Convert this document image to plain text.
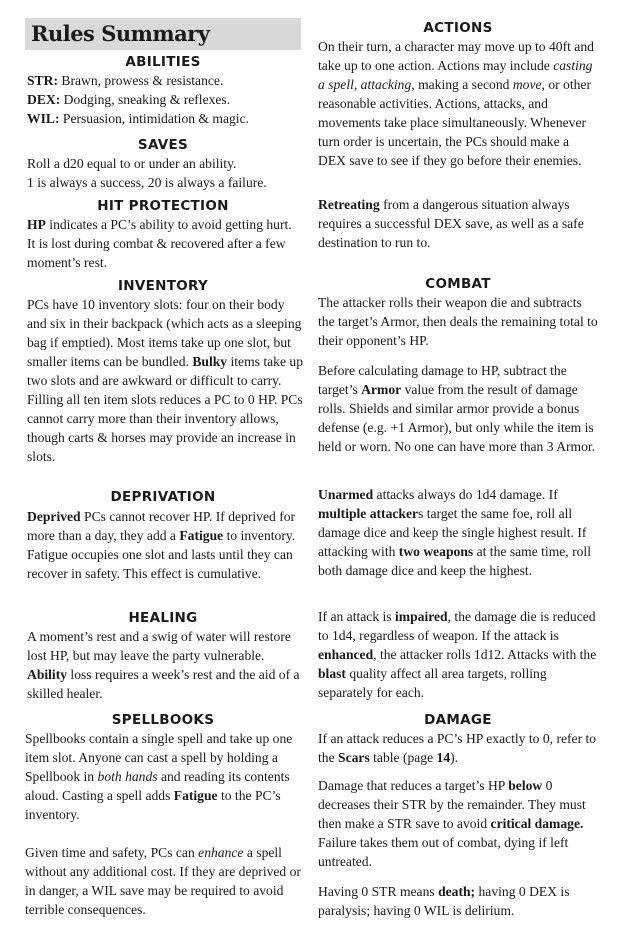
Rules Summary
ABILITIES
STR: Brawn, prowess & resistance.
DEX: Dodging, sneaking & reflexes.
WIL: Persuasion, intimidation & magic.
SAVES
Roll a d20 equal to or under an ability.
1 is always a success, 20 is always a failure.
HIT PROTECTION
HP indicates a PC’s ability to avoid getting hurt. It is lost during combat & recovered after a few moment’s rest.
INVENTORY
PCs have 10 inventory slots: four on their body and six in their backpack (which acts as a sleeping bag if emptied). Most items take up one slot, but smaller items can be bundled. Bulky items take up two slots and are awkward or difficult to carry. Filling all ten item slots reduces a PC to 0 HP. PCs cannot carry more than their inventory allows, though carts & horses may provide an increase in slots.
DEPRIVATION
Deprived PCs cannot recover HP. If deprived for more than a day, they add a Fatigue to inventory. Fatigue occupies one slot and lasts until they can recover in safety. This effect is cumulative.
HEALING
A moment’s rest and a swig of water will restore lost HP, but may leave the party vulnerable. Ability loss requires a week’s rest and the aid of a skilled healer.
SPELLBOOKS
Spellbooks contain a single spell and take up one item slot. Anyone can cast a spell by holding a Spellbook in both hands and reading its contents aloud. Casting a spell adds Fatigue to the PC’s inventory.
Given time and safety, PCs can enhance a spell without any additional cost. If they are deprived or in danger, a WIL save may be required to avoid terrible consequences.
ACTIONS
On their turn, a character may move up to 40ft and take up to one action. Actions may include casting a spell, attacking, making a second move, or other reasonable activities. Actions, attacks, and movements take place simultaneously. Whenever turn order is uncertain, the PCs should make a DEX save to see if they go before their enemies.
Retreating from a dangerous situation always requires a successful DEX save, as well as a safe destination to run to.
COMBAT
The attacker rolls their weapon die and subtracts the target’s Armor, then deals the remaining total to their opponent’s HP.
Before calculating damage to HP, subtract the target’s Armor value from the result of damage rolls. Shields and similar armor provide a bonus defense (e.g. +1 Armor), but only while the item is held or worn. No one can have more than 3 Armor.
Unarmed attacks always do 1d4 damage. If multiple attackers target the same foe, roll all damage dice and keep the single highest result. If attacking with two weapons at the same time, roll both damage dice and keep the highest.
If an attack is impaired, the damage die is reduced to 1d4, regardless of weapon. If the attack is enhanced, the attacker rolls 1d12. Attacks with the blast quality affect all area targets, rolling separately for each.
DAMAGE
If an attack reduces a PC’s HP exactly to 0, refer to the Scars table (page 14).
Damage that reduces a target’s HP below 0 decreases their STR by the remainder. They must then make a STR save to avoid critical damage. Failure takes them out of combat, dying if left untreated.
Having 0 STR means death; having 0 DEX is paralysis; having 0 WIL is delirium.
